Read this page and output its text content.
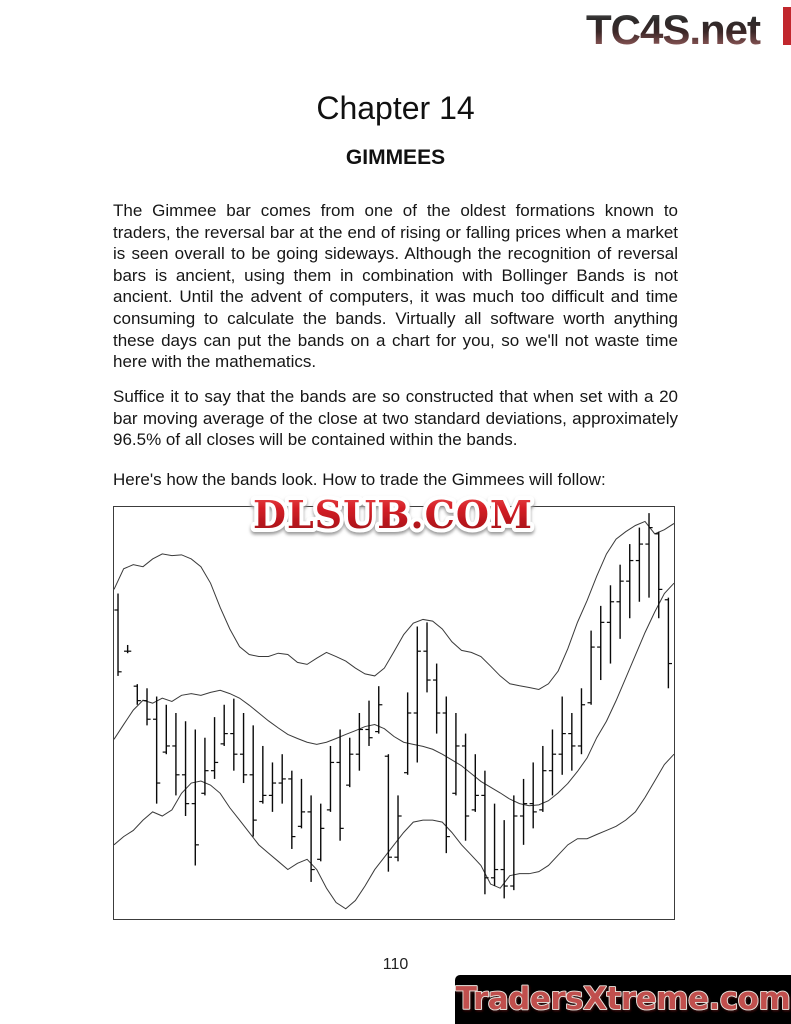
TC4S.net
Chapter 14
GIMMEES

The Gimmee bar comes from one of the oldest formations known to traders, the reversal bar at the end of rising or falling prices when a market is seen overall to be going sideways. Although the recognition of reversal bars is ancient, using them in combination with Bollinger Bands is not ancient. Until the advent of computers, it was much too difficult and time consuming to calculate the bands. Virtually all software worth anything these days can put the bands on a chart for you, so we'll not waste time here with the mathematics.

Suffice it to say that the bands are so constructed that when set with a 20 bar moving average of the close at two standard deviations, approximately 96.5% of all closes will be contained within the bands.

Here's how the bands look. How to trade the Gimmees will follow:

DLSUB.COM
110
TradersXtreme.com
